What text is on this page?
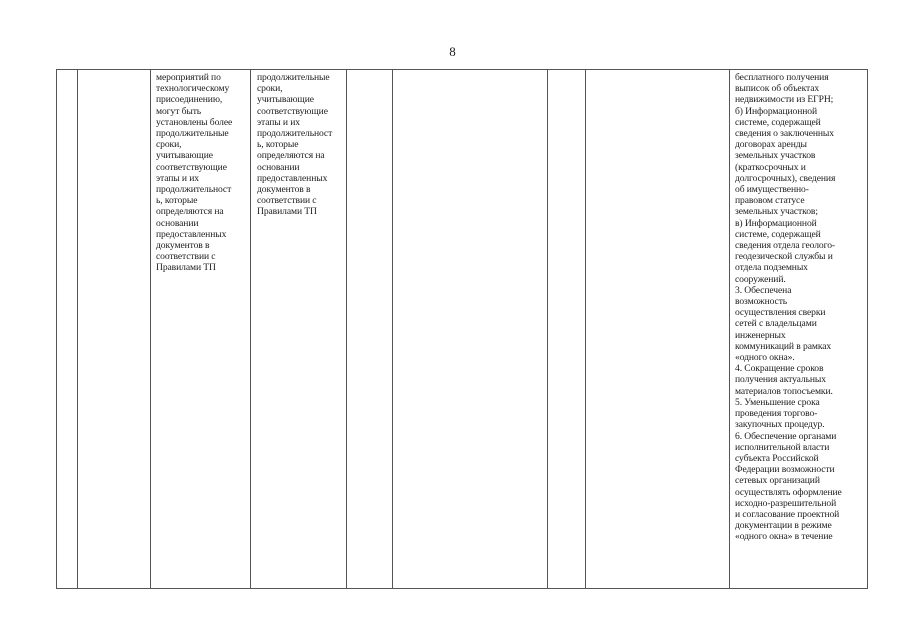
8
мероприятий по
технологическому
присоединению,
могут быть
установлены более
продолжительные
сроки,
учитывающие
соответствующие
этапы и их
продолжительност
ь, которые
определяются на
основании
предоставленных
документов в
соответствии с
Правилами ТП
продолжительные
сроки,
учитывающие
соответствующие
этапы и их
продолжительност
ь, которые
определяются на
основании
предоставленных
документов в
соответствии с
Правилами ТП
бесплатного получения
выписок об объектах
недвижимости из ЕГРН;
б) Информационной
системе, содержащей
сведения о заключенных
договорах аренды
земельных участков
(краткосрочных и
долгосрочных), сведения
об имущественно-
правовом статусе
земельных участков;
в) Информационной
системе, содержащей
сведения отдела геолого-
геодезической службы и
отдела подземных
сооружений.
3. Обеспечена
возможность
осуществления сверки
сетей с владельцами
инженерных
коммуникаций в рамках
«одного окна».
4. Сокращение сроков
получения актуальных
материалов топосъемки.
5. Уменьшение срока
проведения торгово-
закупочных процедур.
6. Обеспечение органами
исполнительной власти
субъекта Российской
Федерации возможности
сетевых организаций
осуществлять оформление
исходно-разрешительной
и согласование проектной
документации в режиме
«одного окна» в течение
